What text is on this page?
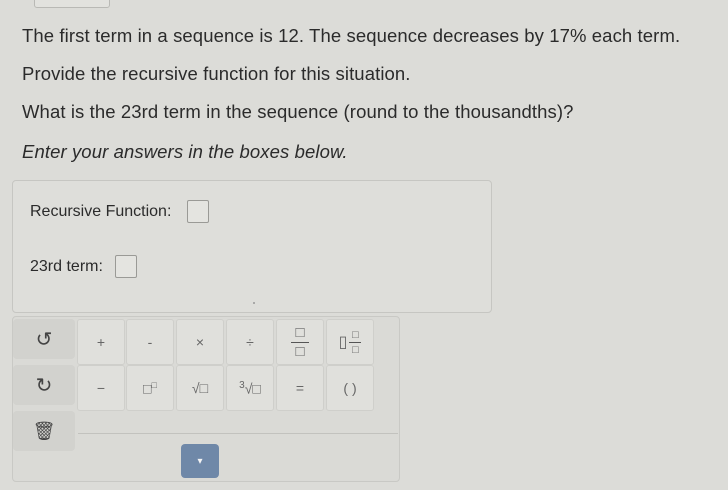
The first term in a sequence is 12. The sequence decreases by 17% each term.
Provide the recursive function for this situation.
What is the 23rd term in the sequence (round to the thousandths)?
Enter your answers in the boxes below.
Recursive Function:
23rd term:
↺
↻
🗑
+	-	×	÷ $\frac{□}{□}$ ▯ $\frac{□}{□}$
−	□□ √□	$^3$√□	=	( )
▾
